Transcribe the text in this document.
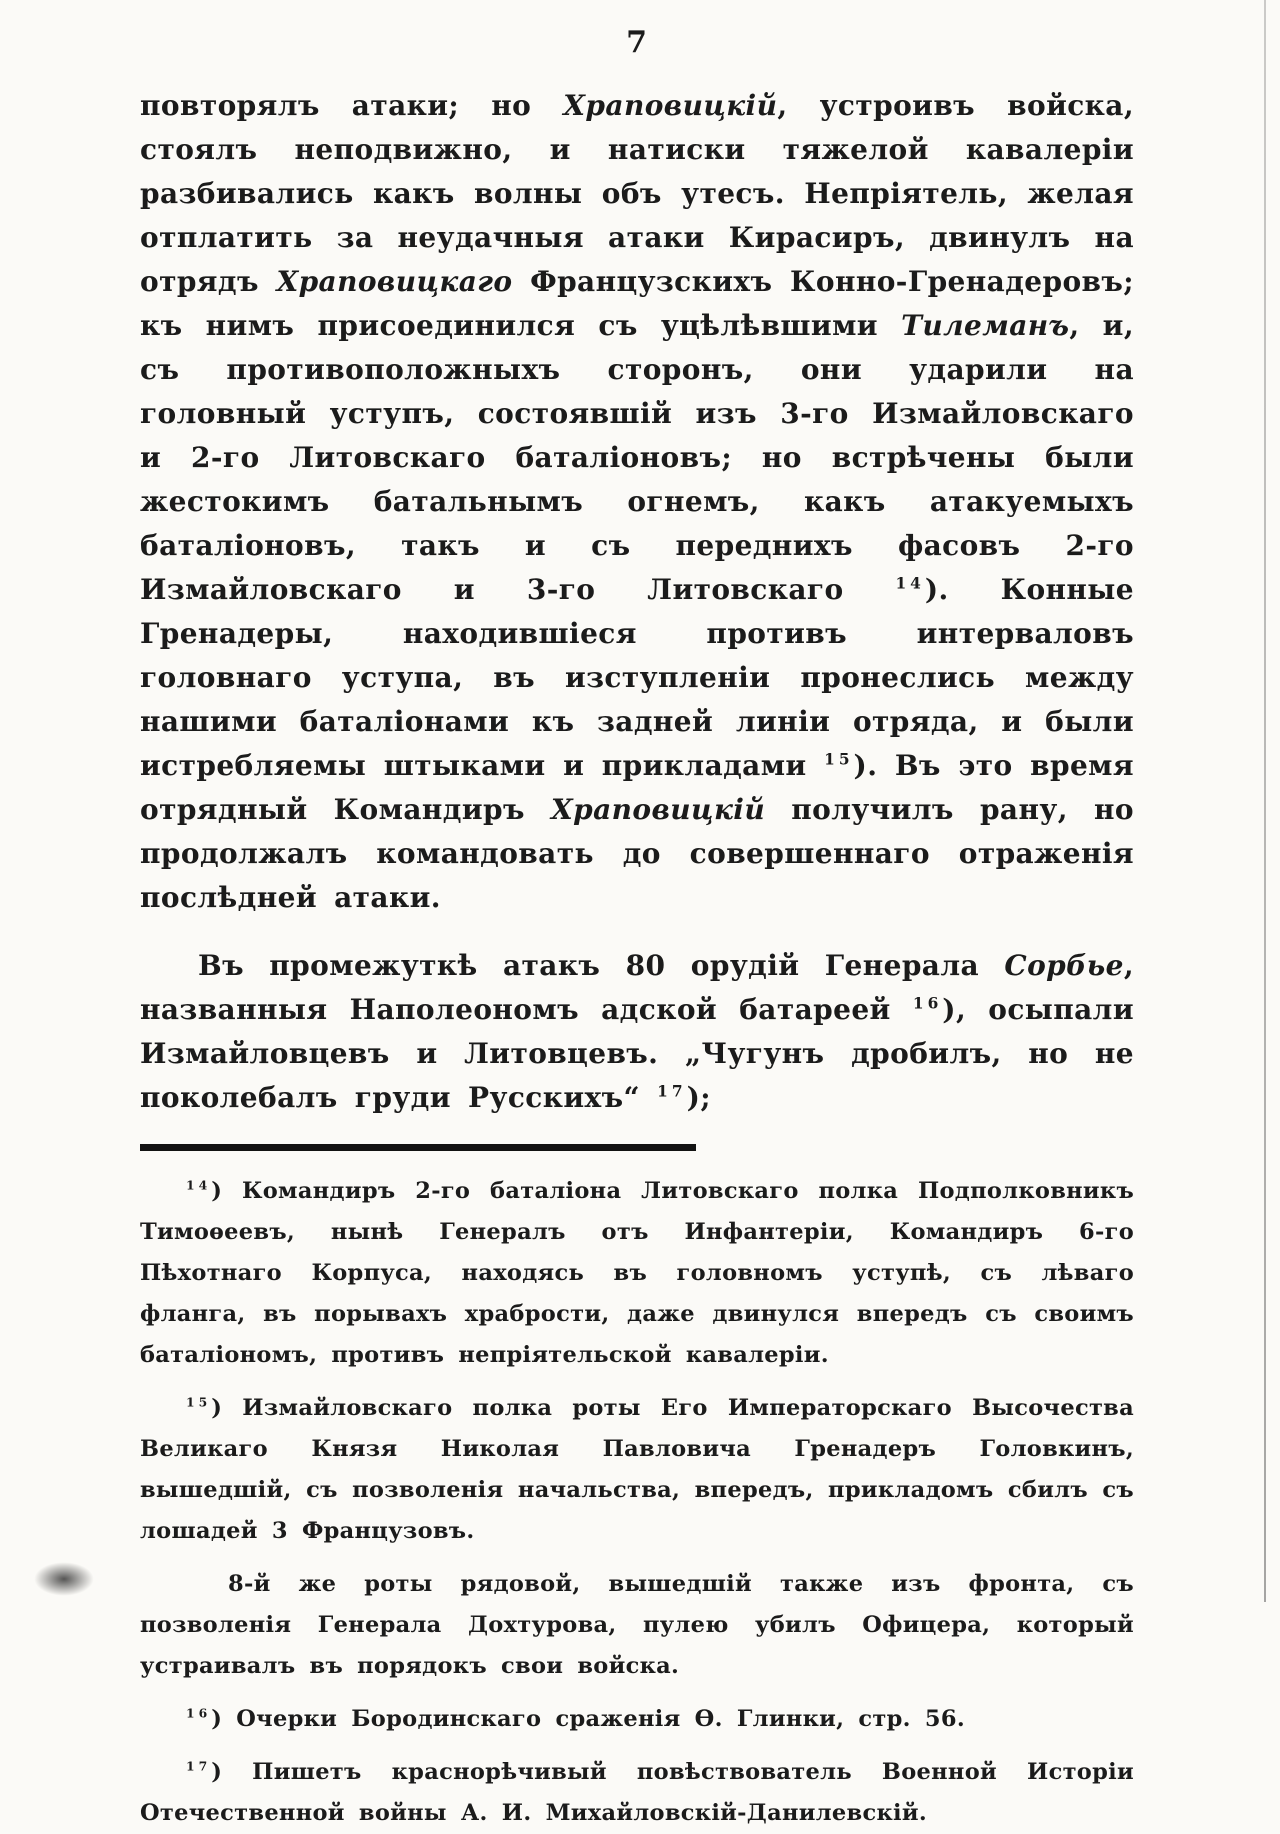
7

повторялъ атаки; но Храповицкій, устроивъ войска, стоялъ неподвижно, и натиски тяжелой кавалеріи разбивались какъ волны объ утесъ. Непріятель, желая отплатить за неудачныя атаки Кирасиръ, двинулъ на отрядъ Храповицкаго Французскихъ Конно-Гренадеровъ; къ нимъ присоединился съ уцѣлѣвшими Тилеманъ, и, съ противоположныхъ сторонъ, они ударили на головный уступъ, состоявшій изъ 3-го Измайловскаго и 2-го Литовскаго баталіоновъ; но встрѣчены были жестокимъ батальнымъ огнемъ, какъ атакуемыхъ баталіоновъ, такъ и съ переднихъ фасовъ 2-го Измайловскаго и 3-го Литовскаго $^{14}$). Конные Гренадеры, находившіеся противъ интерваловъ головнаго уступа, въ изступленіи пронеслись между нашими баталіонами къ задней линіи отряда, и были истребляемы штыками и прикладами $^{15}$). Въ это время отрядный Командиръ Храповицкій получилъ рану, но продолжалъ командовать до совершеннаго отраженія послѣдней атаки.

Въ промежуткѣ атакъ 80 орудій Генерала Сорбье, названныя Наполеономъ адской батареей $^{16}$), осыпали Измайловцевъ и Литовцевъ. „Чугунъ дробилъ, но не поколебалъ груди Русскихъ“ $^{17}$);

$^{14}$) Командиръ 2-го баталіона Литовскаго полка Подполковникъ Тимоѳеевъ, нынѣ Генералъ отъ Инфантеріи, Командиръ 6-го Пѣхотнаго Корпуса, находясь въ головномъ уступѣ, съ лѣваго фланга, въ порывахъ храбрости, даже двинулся впередъ съ своимъ баталіономъ, противъ непріятельской кавалеріи.

$^{15}$) Измайловскаго полка роты Его Императорскаго Высочества Великаго Князя Николая Павловича Гренадеръ Головкинъ, вышедшій, съ позволенія начальства, впередъ, прикладомъ сбилъ съ лошадей 3 Французовъ.

8-й же роты рядовой, вышедшій также изъ фронта, съ позволенія Генерала Дохтурова, пулею убилъ Офицера, который устраивалъ въ порядокъ свои войска.

$^{16}$) Очерки Бородинскаго сраженія Ѳ. Глинки, стр. 56.

$^{17}$) Пишетъ краснорѣчивый повѣствователь Военной Исторіи Отечественной войны А. И. Михайловскій-Данилевскій.
